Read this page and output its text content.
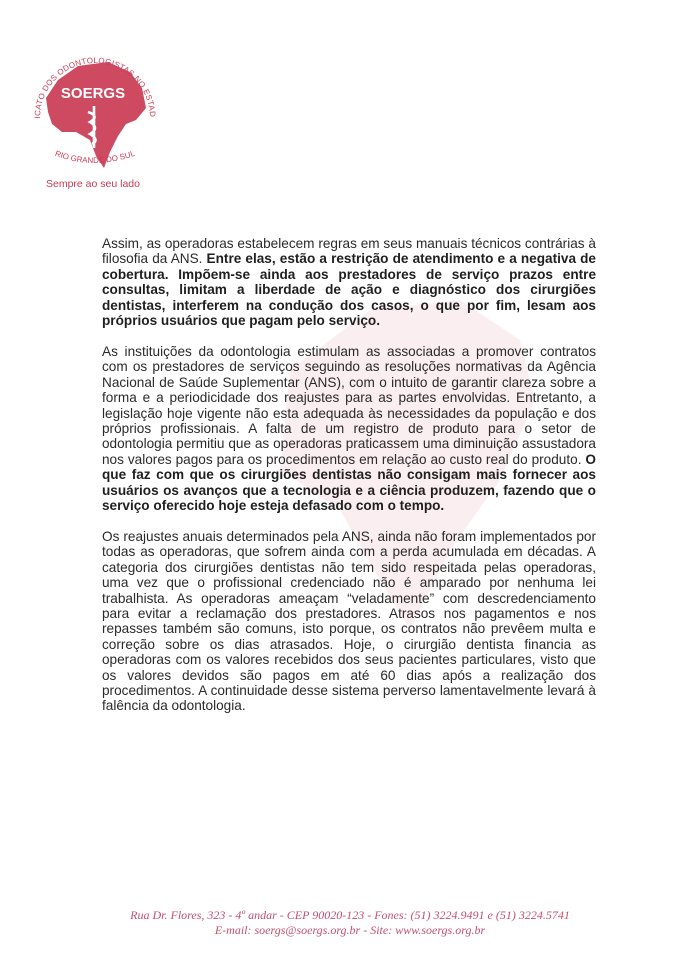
SOERGS
ICATO DOS ODONTOLOGISTAS NO ESTAD
RIO GRANDE DO SUL
Sempre ao seu lado

Assim, as operadoras estabelecem regras em seus manuais técnicos contrárias à filosofia da ANS. Entre elas, estão a restrição de atendimento e a negativa de cobertura. Impõem-se ainda aos prestadores de serviço prazos entre consultas, limitam a liberdade de ação e diagnóstico dos cirurgiões dentistas, interferem na condução dos casos, o que por fim, lesam aos próprios usuários que pagam pelo serviço.

As instituições da odontologia estimulam as associadas a promover contratos com os prestadores de serviços seguindo as resoluções normativas da Agência Nacional de Saúde Suplementar (ANS), com o intuito de garantir clareza sobre a forma e a periodicidade dos reajustes para as partes envolvidas. Entretanto, a legislação hoje vigente não esta adequada às necessidades da população e dos próprios profissionais. A falta de um registro de produto para o setor de odontologia permitiu que as operadoras praticassem uma diminuição assustadora nos valores pagos para os procedimentos em relação ao custo real do produto. O que faz com que os cirurgiões dentistas não consigam mais fornecer aos usuários os avanços que a tecnologia e a ciência produzem, fazendo que o serviço oferecido hoje esteja defasado com o tempo.

Os reajustes anuais determinados pela ANS, ainda não foram implementados por todas as operadoras, que sofrem ainda com a perda acumulada em décadas. A categoria dos cirurgiões dentistas não tem sido respeitada pelas operadoras, uma vez que o profissional credenciado não é amparado por nenhuma lei trabalhista. As operadoras ameaçam “veladamente” com descredenciamento para evitar a reclamação dos prestadores. Atrasos nos pagamentos e nos repasses também são comuns, isto porque, os contratos não prevêem multa e correção sobre os dias atrasados. Hoje, o cirurgião dentista financia as operadoras com os valores recebidos dos seus pacientes particulares, visto que os valores devidos são pagos em até 60 dias após a realização dos procedimentos. A continuidade desse sistema perverso lamentavelmente levará à falência da odontologia.

Rua Dr. Flores, 323 - 4º andar - CEP 90020-123 - Fones: (51) 3224.9491 e (51) 3224.5741
E-mail: soergs@soergs.org.br - Site: www.soergs.org.br
